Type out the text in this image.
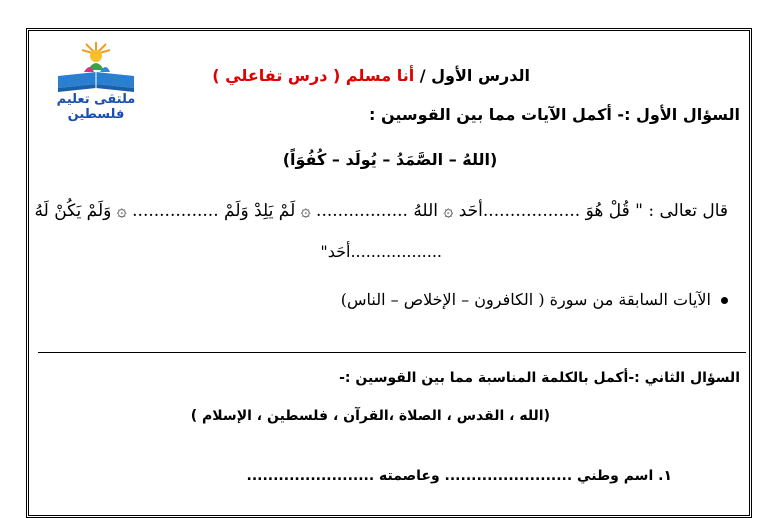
ملتقى تعليم فلسطين
الدرس الأول / أنا مسلم ( درس تفاعلي )
السؤال الأول :- أكمل الآيات مما بين القوسين :
(اللهُ – الصَّمَدُ – يُولَد – كُفُوَاً)
قال تعالى : " قُلْ هُوَ ..................أحَد ۞ اللهُ ................. ۞ لَمْ يَلِدْ وَلَمْ ................ ۞ وَلَمْ يَكُنْ لَهُ
..................أحَد"
الآيات السابقة من سورة ( الكافرون – الإخلاص – الناس)
السؤال الثاني :-أكمل بالكلمة المناسبة مما بين القوسين :-
(الله ، القدس ، الصلاة ،القرآن ، فلسطين ، الإسلام )
١. اسم وطني ........................ وعاصمته ........................
